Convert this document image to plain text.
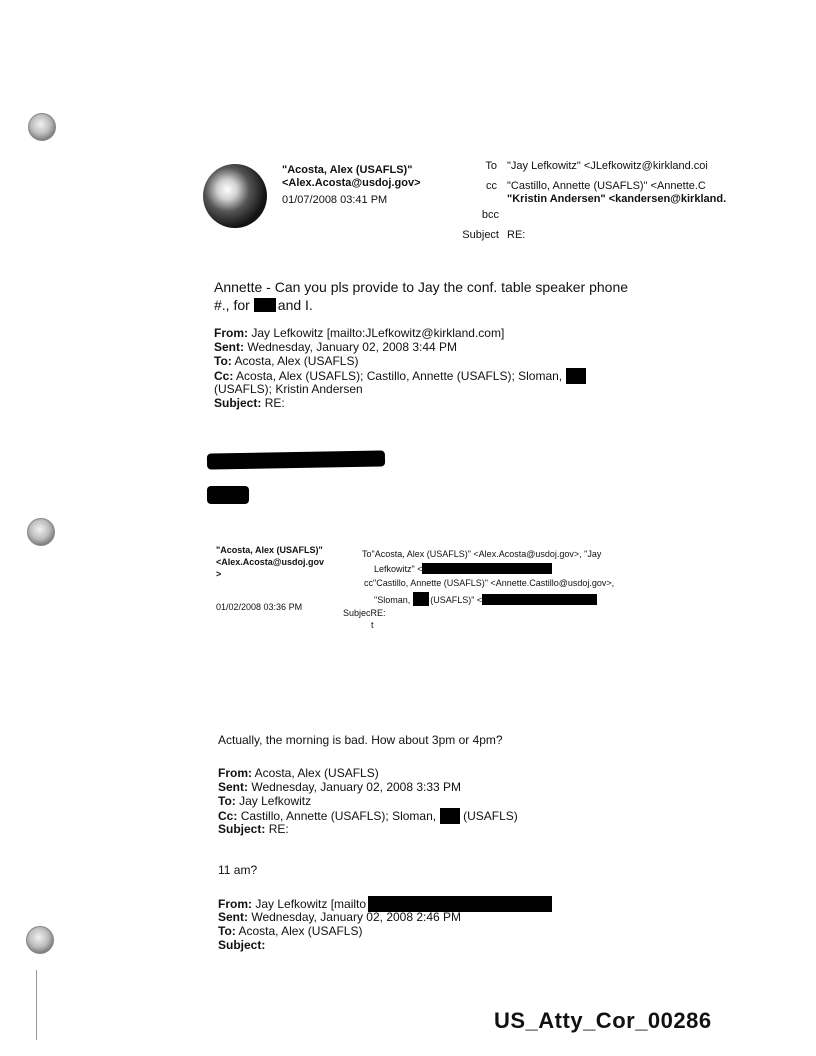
"Acosta, Alex (USAFLS)"
<Alex.Acosta@usdoj.gov>
01/07/2008 03:41 PM
To "Jay Lefkowitz" <JLefkowitz@kirkland.coi
cc "Castillo, Annette (USAFLS)" <Annette.C
"Kristin Andersen" <kandersen@kirkland.
bcc
Subject RE:
Annette - Can you pls provide to Jay the conf. table speaker phone
#., for and I.
From: Jay Lefkowitz [mailto:JLefkowitz@kirkland.com]
Sent: Wednesday, January 02, 2008 3:44 PM
To: Acosta, Alex (USAFLS)
Cc: Acosta, Alex (USAFLS); Castillo, Annette (USAFLS); Sloman,
(USAFLS); Kristin Andersen
Subject: RE:
"Acosta, Alex (USAFLS)"
<Alex.Acosta@usdoj.gov
>
01/02/2008 03:36 PM
To"Acosta, Alex (USAFLS)" <Alex.Acosta@usdoj.gov>, "Jay
Lefkowitz" <
cc"Castillo, Annette (USAFLS)" <Annette.Castillo@usdoj.gov>,
"Sloman, (USAFLS)" <
SubjecRE:
t
Actually, the morning is bad. How about 3pm or 4pm?
From: Acosta, Alex (USAFLS)
Sent: Wednesday, January 02, 2008 3:33 PM
To: Jay Lefkowitz
Cc: Castillo, Annette (USAFLS); Sloman, (USAFLS)
Subject: RE:
11 am?
From: Jay Lefkowitz [mailto
Sent: Wednesday, January 02, 2008 2:46 PM
To: Acosta, Alex (USAFLS)
Subject:
US_Atty_Cor_00286
